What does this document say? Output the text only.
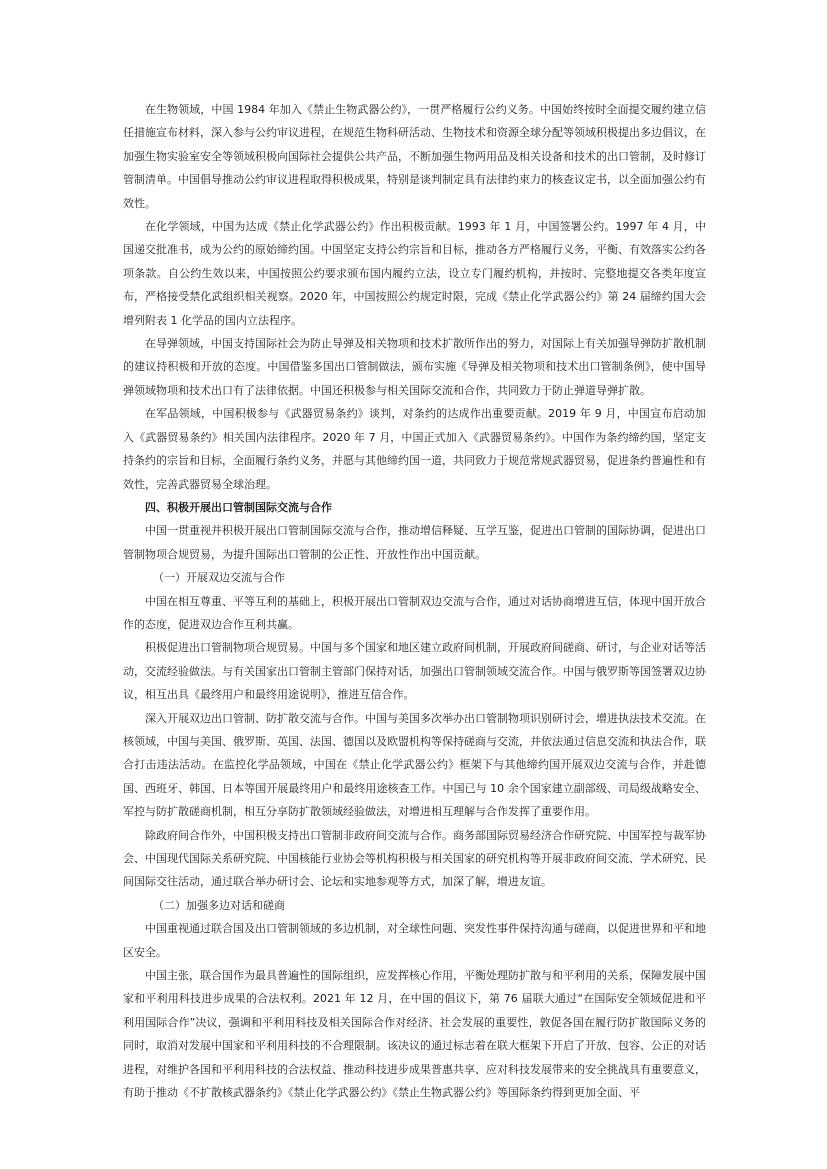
在生物领域，中国 1984 年加入《禁止生物武器公约》，一贯严格履行公约义务。中国始终按时全面提交履约建立信任措施宣布材料，深入参与公约审议进程，在规范生物科研活动、生物技术和资源全球分配等领域积极提出多边倡议，在加强生物实验室安全等领域积极向国际社会提供公共产品，不断加强生物两用品及相关设备和技术的出口管制，及时修订管制清单。中国倡导推动公约审议进程取得积极成果，特别是谈判制定具有法律约束力的核查议定书，以全面加强公约有效性。

在化学领域，中国为达成《禁止化学武器公约》作出积极贡献。1993 年 1 月，中国签署公约。1997 年 4 月，中国递交批准书，成为公约的原始缔约国。中国坚定支持公约宗旨和目标，推动各方严格履行义务，平衡、有效落实公约各项条款。自公约生效以来，中国按照公约要求颁布国内履约立法，设立专门履约机构，并按时、完整地提交各类年度宣布，严格接受禁化武组织相关视察。2020 年，中国按照公约规定时限，完成《禁止化学武器公约》第 24 届缔约国大会增列附表 1 化学品的国内立法程序。

在导弹领域，中国支持国际社会为防止导弹及相关物项和技术扩散所作出的努力，对国际上有关加强导弹防扩散机制的建议持积极和开放的态度。中国借鉴多国出口管制做法，颁布实施《导弹及相关物项和技术出口管制条例》，使中国导弹领域物项和技术出口有了法律依据。中国还积极参与相关国际交流和合作，共同致力于防止弹道导弹扩散。

在军品领域，中国积极参与《武器贸易条约》谈判，对条约的达成作出重要贡献。2019 年 9 月，中国宣布启动加入《武器贸易条约》相关国内法律程序。2020 年 7 月，中国正式加入《武器贸易条约》。中国作为条约缔约国，坚定支持条约的宗旨和目标，全面履行条约义务，并愿与其他缔约国一道，共同致力于规范常规武器贸易，促进条约普遍性和有效性，完善武器贸易全球治理。

四、积极开展出口管制国际交流与合作

中国一贯重视并积极开展出口管制国际交流与合作，推动增信释疑、互学互鉴，促进出口管制的国际协调，促进出口管制物项合规贸易，为提升国际出口管制的公正性、开放性作出中国贡献。

（一）开展双边交流与合作

中国在相互尊重、平等互利的基础上，积极开展出口管制双边交流与合作，通过对话协商增进互信，体现中国开放合作的态度，促进双边合作互利共赢。

积极促进出口管制物项合规贸易。中国与多个国家和地区建立政府间机制，开展政府间磋商、研讨，与企业对话等活动，交流经验做法。与有关国家出口管制主管部门保持对话，加强出口管制领域交流合作。中国与俄罗斯等国签署双边协议，相互出具《最终用户和最终用途说明》，推进互信合作。

深入开展双边出口管制、防扩散交流与合作。中国与美国多次举办出口管制物项识别研讨会，增进执法技术交流。在核领域，中国与美国、俄罗斯、英国、法国、德国以及欧盟机构等保持磋商与交流，并依法通过信息交流和执法合作，联合打击违法活动。在监控化学品领域，中国在《禁止化学武器公约》框架下与其他缔约国开展双边交流与合作，并赴德国、西班牙、韩国、日本等国开展最终用户和最终用途核查工作。中国已与 10 余个国家建立副部级、司局级战略安全、军控与防扩散磋商机制，相互分享防扩散领域经验做法，对增进相互理解与合作发挥了重要作用。

除政府间合作外，中国积极支持出口管制非政府间交流与合作。商务部国际贸易经济合作研究院、中国军控与裁军协会、中国现代国际关系研究院、中国核能行业协会等机构积极与相关国家的研究机构等开展非政府间交流、学术研究、民间国际交往活动，通过联合举办研讨会、论坛和实地参观等方式，加深了解，增进友谊。

（二）加强多边对话和磋商

中国重视通过联合国及出口管制领域的多边机制，对全球性问题、突发性事件保持沟通与磋商，以促进世界和平和地区安全。

中国主张，联合国作为最具普遍性的国际组织，应发挥核心作用，平衡处理防扩散与和平利用的关系，保障发展中国家和平利用科技进步成果的合法权利。2021 年 12 月，在中国的倡议下，第 76 届联大通过“在国际安全领域促进和平利用国际合作”决议，强调和平利用科技及相关国际合作对经济、社会发展的重要性，敦促各国在履行防扩散国际义务的同时，取消对发展中国家和平利用科技的不合理限制。该决议的通过标志着在联大框架下开启了开放、包容、公正的对话进程，对维护各国和平利用科技的合法权益、推动科技进步成果普惠共享、应对科技发展带来的安全挑战具有重要意义，有助于推动《不扩散核武器条约》《禁止化学武器公约》《禁止生物武器公约》等国际条约得到更加全面、平
